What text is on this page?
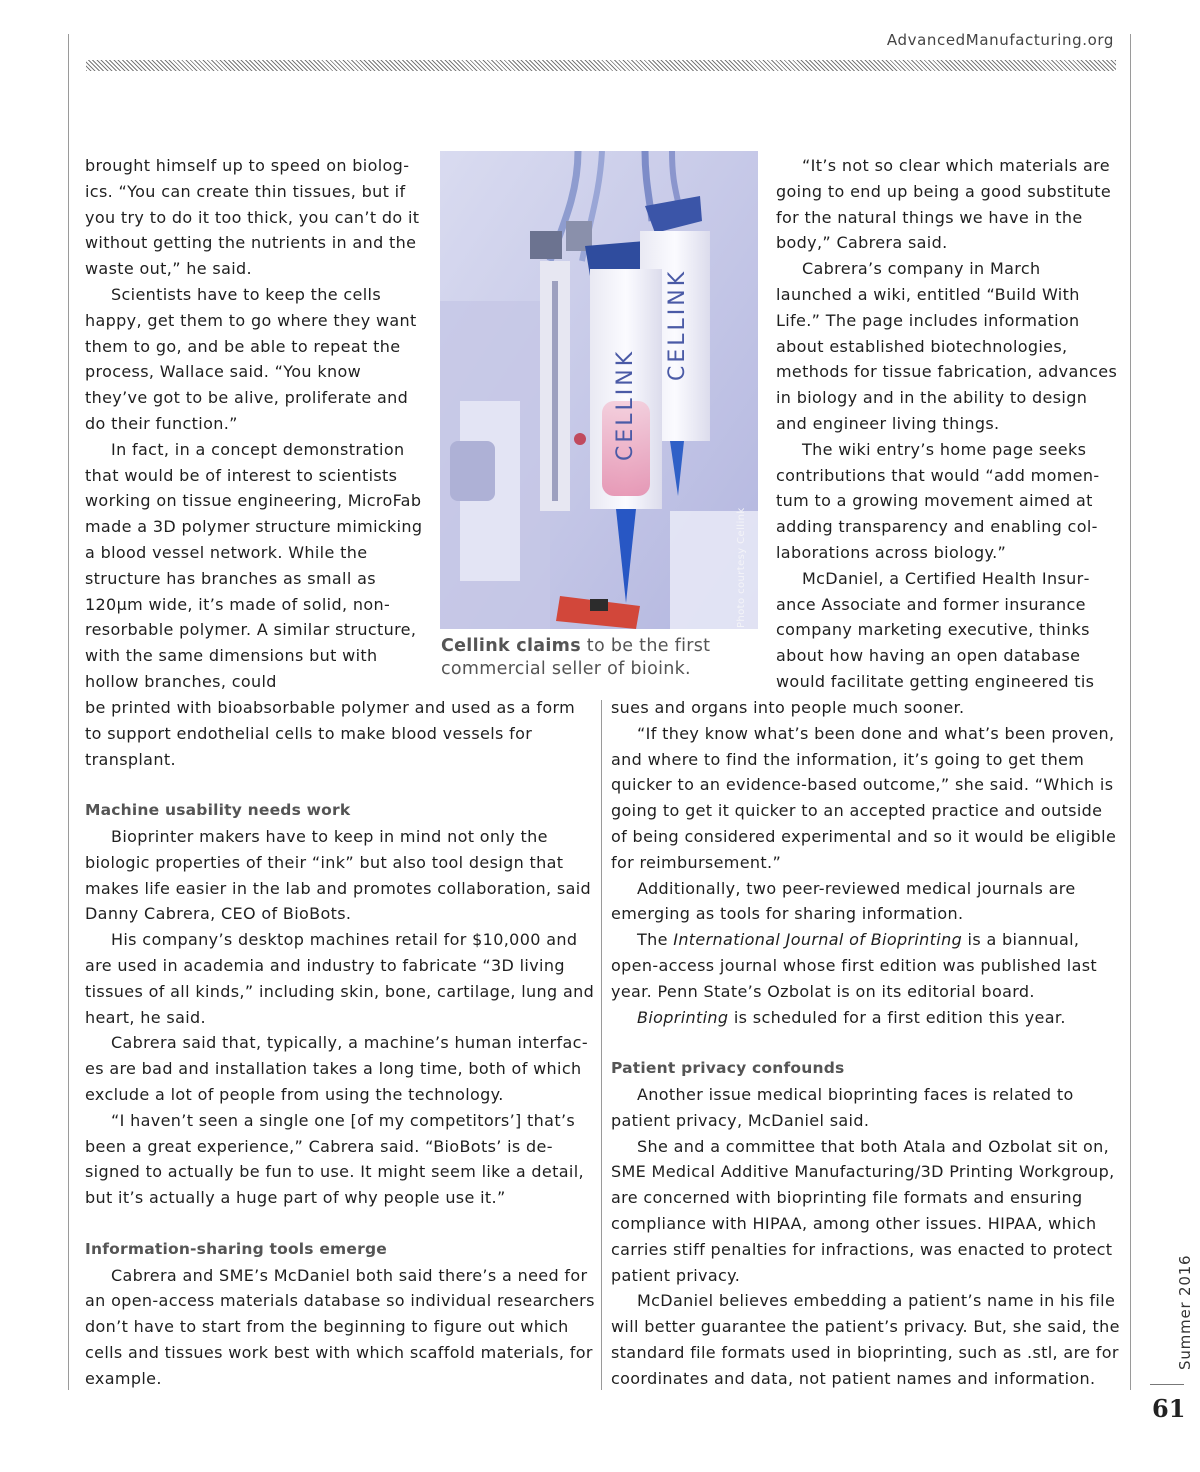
AdvancedManufacturing.org

brought himself up to speed on biologics. “You can create thin tissues, but if you try to do it too thick, you can’t do it without getting the nutrients in and the waste out,” he said.

Scientists have to keep the cells happy, get them to go where they want them to go, and be able to repeat the process, Wallace said. “You know they’ve got to be alive, proliferate and do their function.”

In fact, in a concept demonstration that would be of interest to scientists working on tissue engineering, MicroFab made a 3D polymer structure mimicking a blood vessel network. While the structure has branches as small as 120μm wide, it’s made of solid, non-resorbable polymer. A similar structure, with the same dimensions but with hollow branches, could

CELLINK
CELLINK
Photo courtesy Cellink
Cellink claims to be the first commercial seller of bioink.

“It’s not so clear which materials are going to end up being a good substitute for the natural things we have in the body,” Cabrera said.

Cabrera’s company in March launched a wiki, entitled “Build With Life.” The page includes information about established biotechnologies, methods for tissue fabrication, advances in biology and in the ability to design and engineer living things.

The wiki entry’s home page seeks contributions that would “add momentum to a growing movement aimed at adding transparency and enabling collaborations across biology.”

McDaniel, a Certified Health Insurance Associate and former insurance company marketing executive, thinks about how having an open database would facilitate getting engineered tis

be printed with bioabsorbable polymer and used as a form to support endothelial cells to make blood vessels for transplant.

Machine usability needs work

Bioprinter makers have to keep in mind not only the biologic properties of their “ink” but also tool design that makes life easier in the lab and promotes collaboration, said Danny Cabrera, CEO of BioBots.

His company’s desktop machines retail for $10,000 and are used in academia and industry to fabricate “3D living tissues of all kinds,” including skin, bone, cartilage, lung and heart, he said.

Cabrera said that, typically, a machine’s human interfaces are bad and installation takes a long time, both of which exclude a lot of people from using the technology.

“I haven’t seen a single one [of my competitors’] that’s been a great experience,” Cabrera said. “BioBots’ is designed to actually be fun to use. It might seem like a detail, but it’s actually a huge part of why people use it.”

Information-sharing tools emerge

Cabrera and SME’s McDaniel both said there’s a need for an open-access materials database so individual researchers don’t have to start from the beginning to figure out which cells and tissues work best with which scaffold materials, for example.

sues and organs into people much sooner.

“If they know what’s been done and what’s been proven, and where to find the information, it’s going to get them quicker to an evidence-based outcome,” she said. “Which is going to get it quicker to an accepted practice and outside of being considered experimental and so it would be eligible for reimbursement.”

Additionally, two peer-reviewed medical journals are emerging as tools for sharing information.

The International Journal of Bioprinting is a biannual, open-access journal whose first edition was published last year. Penn State’s Ozbolat is on its editorial board.

Bioprinting is scheduled for a first edition this year.

Patient privacy confounds

Another issue medical bioprinting faces is related to patient privacy, McDaniel said.

She and a committee that both Atala and Ozbolat sit on, SME Medical Additive Manufacturing/3D Printing Workgroup, are concerned with bioprinting file formats and ensuring compliance with HIPAA, among other issues. HIPAA, which carries stiff penalties for infractions, was enacted to protect patient privacy.

McDaniel believes embedding a patient’s name in his file will better guarantee the patient’s privacy. But, she said, the standard file formats used in bioprinting, such as .stl, are for coordinates and data, not patient names and information.

Summer 2016
61
